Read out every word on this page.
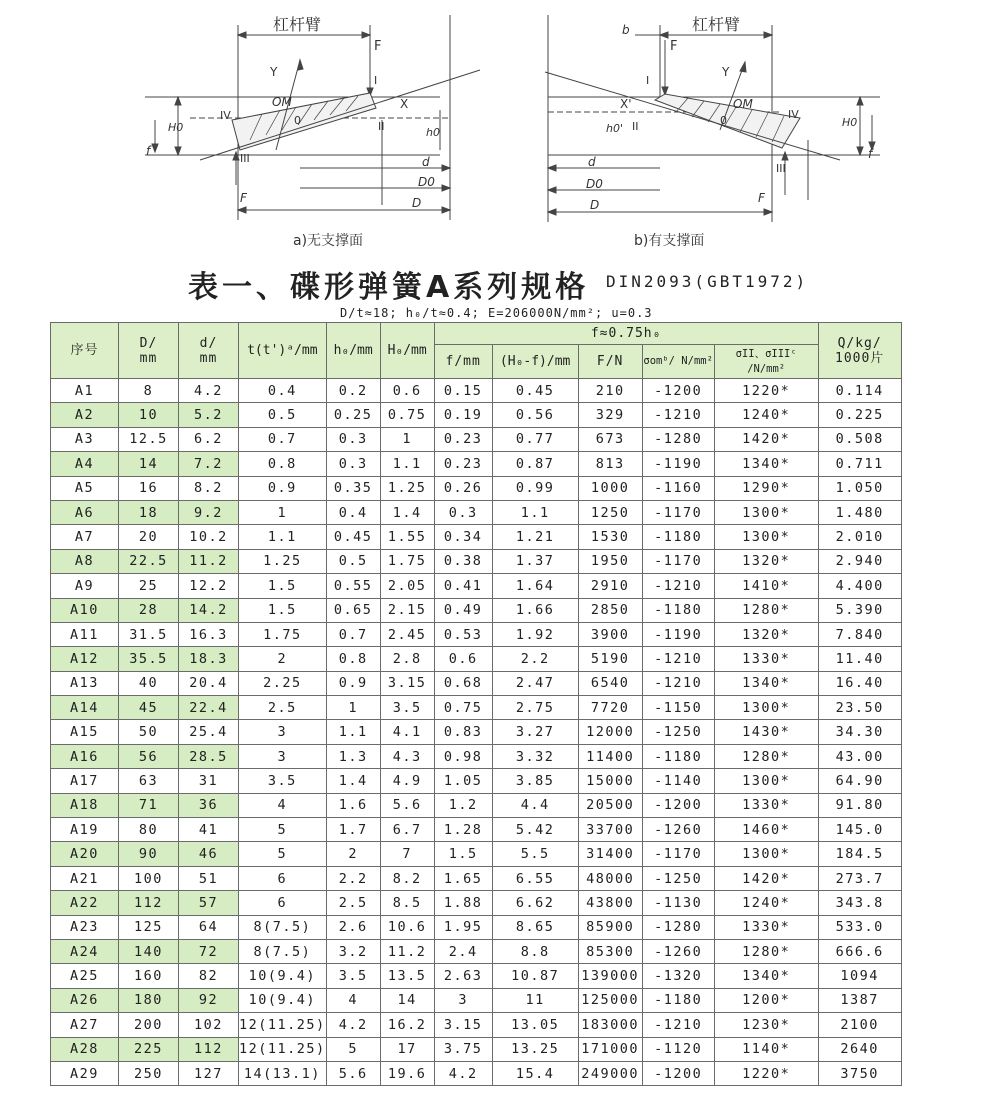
杠杆臂
F
I
II
III
IV
Y
X
OM
0
H0	h0
f
d
D0
D
F
a)无支撑面
杠杆臂
b
F
I
II
III
IV
Y
X'	OM
0	H0
h0'
f
d
D0
D	F
b)有支撑面
表一、碟形弹簧A系列规格 DIN2093(GBT1972)
D/t≈18; h₀/t≈0.4; E=206000N/mm²; u=0.3
序号	D/ mm	d/ mm	t(t')ᵃ/mm	h₀/mm	H₀/mm	f≈0.75h₀					Q/kg/ 1000片
						f/mm	(H₀-f)/mm	F/N	σomᵇ/ N/mm²	σII、σIIIᶜ /N/mm²	
A1	8	4.2	0.4	0.2	0.6	0.15	0.45	210	-1200	1220*	0.114
A2	10	5.2	0.5	0.25	0.75	0.19	0.56	329	-1210	1240*	0.225
A3	12.5	6.2	0.7	0.3	1	0.23	0.77	673	-1280	1420*	0.508
A4	14	7.2	0.8	0.3	1.1	0.23	0.87	813	-1190	1340*	0.711
A5	16	8.2	0.9	0.35	1.25	0.26	0.99	1000	-1160	1290*	1.050
A6	18	9.2	1	0.4	1.4	0.3	1.1	1250	-1170	1300*	1.480
A7	20	10.2	1.1	0.45	1.55	0.34	1.21	1530	-1180	1300*	2.010
A8	22.5	11.2	1.25	0.5	1.75	0.38	1.37	1950	-1170	1320*	2.940
A9	25	12.2	1.5	0.55	2.05	0.41	1.64	2910	-1210	1410*	4.400
A10	28	14.2	1.5	0.65	2.15	0.49	1.66	2850	-1180	1280*	5.390
A11	31.5	16.3	1.75	0.7	2.45	0.53	1.92	3900	-1190	1320*	7.840
A12	35.5	18.3	2	0.8	2.8	0.6	2.2	5190	-1210	1330*	11.40
A13	40	20.4	2.25	0.9	3.15	0.68	2.47	6540	-1210	1340*	16.40
A14	45	22.4	2.5	1	3.5	0.75	2.75	7720	-1150	1300*	23.50
A15	50	25.4	3	1.1	4.1	0.83	3.27	12000	-1250	1430*	34.30
A16	56	28.5	3	1.3	4.3	0.98	3.32	11400	-1180	1280*	43.00
A17	63	31	3.5	1.4	4.9	1.05	3.85	15000	-1140	1300*	64.90
A18	71	36	4	1.6	5.6	1.2	4.4	20500	-1200	1330*	91.80
A19	80	41	5	1.7	6.7	1.28	5.42	33700	-1260	1460*	145.0
A20	90	46	5	2	7	1.5	5.5	31400	-1170	1300*	184.5
A21	100	51	6	2.2	8.2	1.65	6.55	48000	-1250	1420*	273.7
A22	112	57	6	2.5	8.5	1.88	6.62	43800	-1130	1240*	343.8
A23	125	64	8(7.5)	2.6	10.6	1.95	8.65	85900	-1280	1330*	533.0
A24	140	72	8(7.5)	3.2	11.2	2.4	8.8	85300	-1260	1280*	666.6
A25	160	82	10(9.4)	3.5	13.5	2.63	10.87	139000	-1320	1340*	1094
A26	180	92	10(9.4)	4	14	3	11	125000	-1180	1200*	1387
A27	200	102	12(11.25)	4.2	16.2	3.15	13.05	183000	-1210	1230*	2100
A28	225	112	12(11.25)	5	17	3.75	13.25	171000	-1120	1140*	2640
A29	250	127	14(13.1)	5.6	19.6	4.2	15.4	249000	-1200	1220*	3750
